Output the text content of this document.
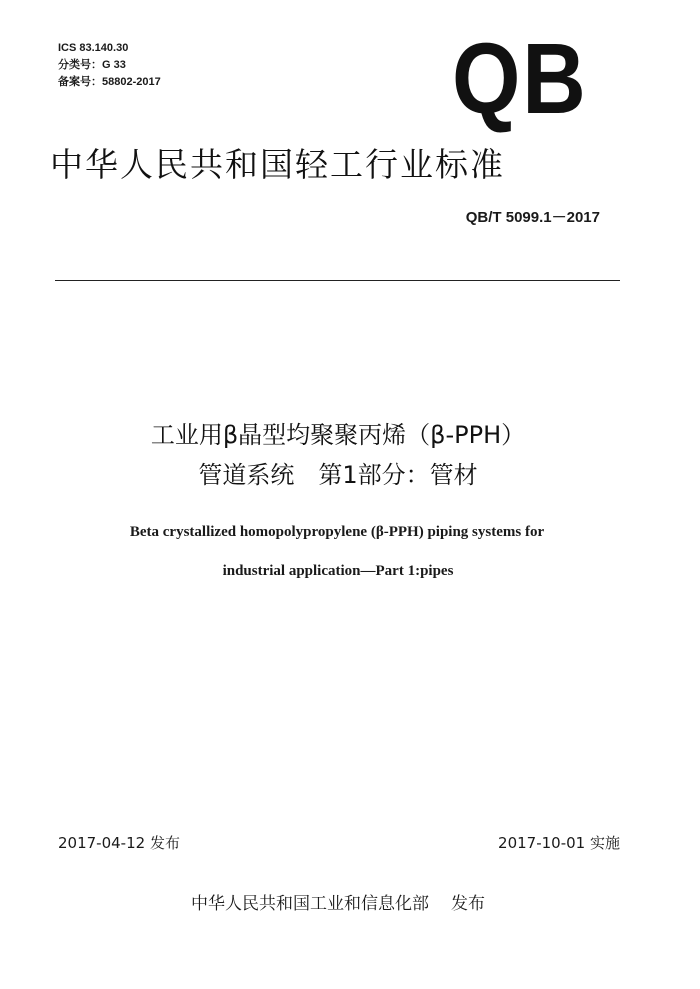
ICS 83.140.30
分类号：G 33
备案号：58802-2017	QB
中华人民共和国轻工行业标准
QB/T 5099.1－2017
工业用β晶型均聚聚丙烯（β-PPH）
管道系统　第1部分：管材
Beta crystallized homopolypropylene (β-PPH) piping systems for
industrial application—Part 1:pipes
2017-04-12 发布	2017-10-01 实施
中华人民共和国工业和信息化部 发布
